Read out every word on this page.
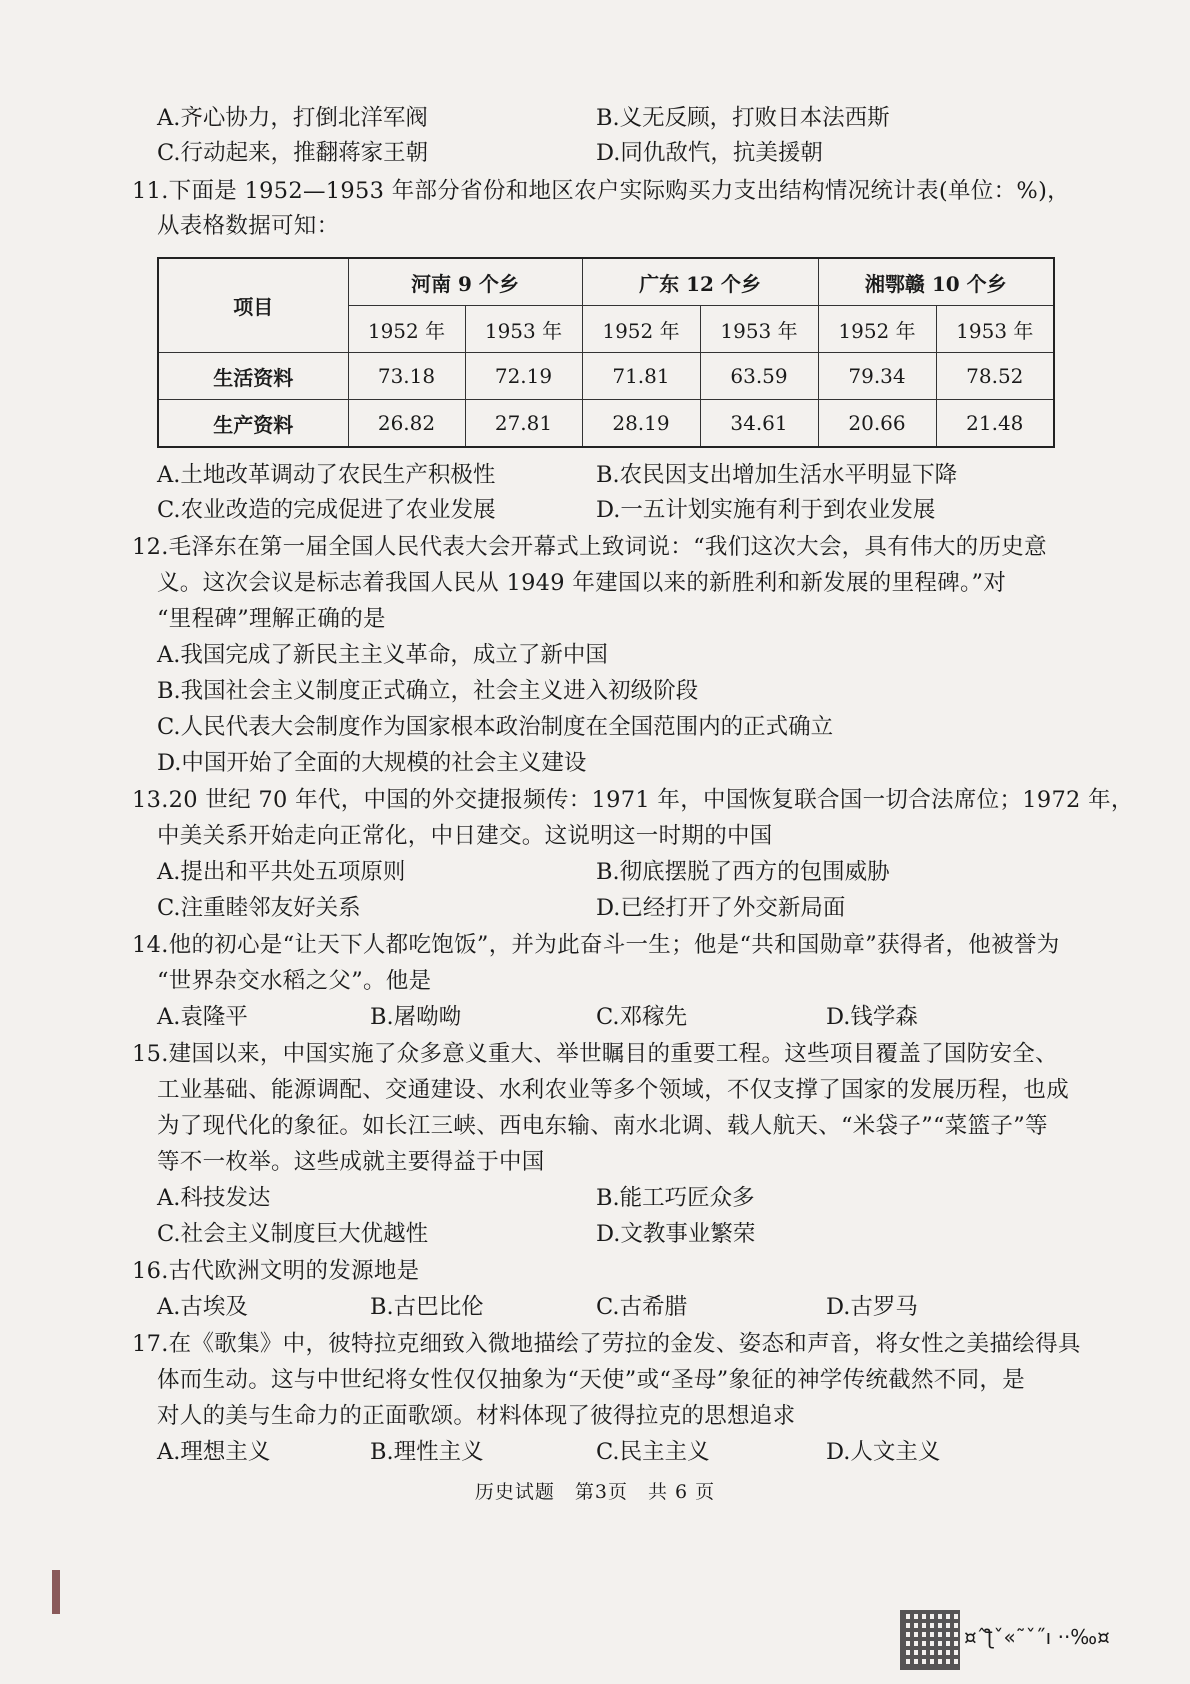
A.齐心协力，打倒北洋军阀	B.义无反顾，打败日本法西斯
C.行动起来，推翻蒋家王朝	D.同仇敌忾，抗美援朝
11.下面是 1952—1953 年部分省份和地区农户实际购买力支出结构情况统计表(单位：%)，
从表格数据可知：
项目	河南 9 个乡		广东 12 个乡		湘鄂赣 10 个乡	
	1952 年	1953 年	1952 年	1953 年	1952 年	1953 年
生活资料	73.18	72.19	71.81	63.59	79.34	78.52
生产资料	26.82	27.81	28.19	34.61	20.66	21.48
A.土地改革调动了农民生产积极性	B.农民因支出增加生活水平明显下降
C.农业改造的完成促进了农业发展	D.一五计划实施有利于到农业发展
12.毛泽东在第一届全国人民代表大会开幕式上致词说：“我们这次大会，具有伟大的历史意
义。这次会议是标志着我国人民从 1949 年建国以来的新胜利和新发展的里程碑。”对
“里程碑”理解正确的是
A.我国完成了新民主主义革命，成立了新中国
B.我国社会主义制度正式确立，社会主义进入初级阶段
C.人民代表大会制度作为国家根本政治制度在全国范围内的正式确立
D.中国开始了全面的大规模的社会主义建设
13.20 世纪 70 年代，中国的外交捷报频传：1971 年，中国恢复联合国一切合法席位；1972 年，
中美关系开始走向正常化，中日建交。这说明这一时期的中国
A.提出和平共处五项原则	B.彻底摆脱了西方的包围威胁
C.注重睦邻友好关系	D.已经打开了外交新局面
14.他的初心是“让天下人都吃饱饭”，并为此奋斗一生；他是“共和国勋章”获得者，他被誉为
“世界杂交水稻之父”。他是
A.袁隆平	B.屠呦呦	C.邓稼先	D.钱学森
15.建国以来，中国实施了众多意义重大、举世瞩目的重要工程。这些项目覆盖了国防安全、
工业基础、能源调配、交通建设、水利农业等多个领域，不仅支撑了国家的发展历程，也成
为了现代化的象征。如长江三峡、西电东输、南水北调、载人航天、“米袋子”“菜篮子”等
等不一枚举。这些成就主要得益于中国
A.科技发达	B.能工巧匠众多
C.社会主义制度巨大优越性	D.文教事业繁荣
16.古代欧洲文明的发源地是
A.古埃及	B.古巴比伦	C.古希腊	D.古罗马
17.在《歌集》中，彼特拉克细致入微地描绘了劳拉的金发、姿态和声音，将女性之美描绘得具
体而生动。这与中世纪将女性仅仅抽象为“天使”或“圣母”象征的神学传统截然不同，是
对人的美与生命力的正面歌颂。材料体现了彼得拉克的思想追求
A.理想主义	B.理性主义	C.民主主义	D.人文主义
历史试题　第3页　共 6 页
¤ˆƪˇ«˜ˇ˝ı ··‰¤
